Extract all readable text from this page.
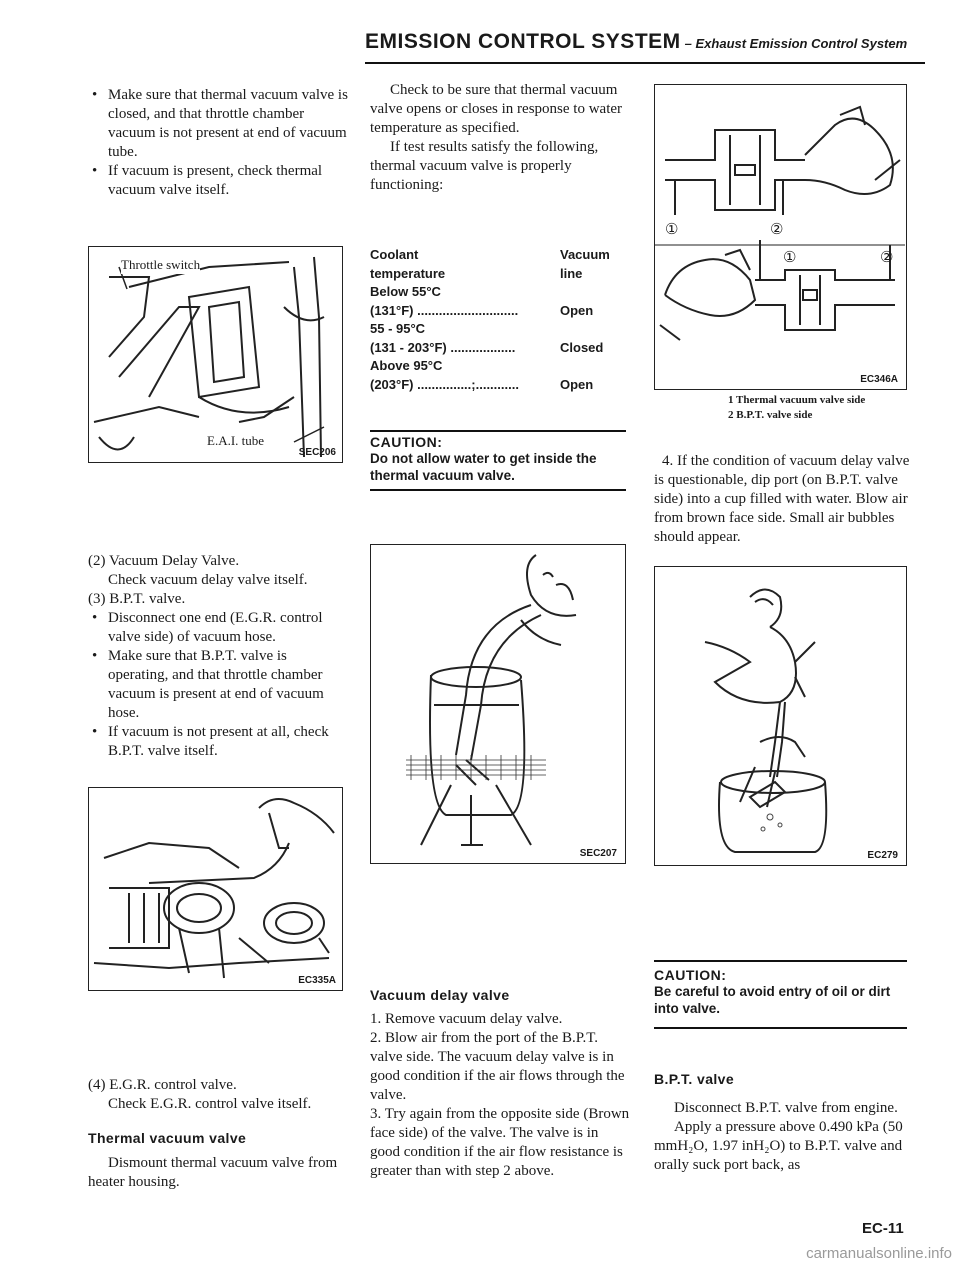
EMISSION CONTROL SYSTEM – Exhaust Emission Control System
• Make sure that thermal vacuum valve is closed, and that throttle chamber vacuum is not present at end of vacuum tube.
• If vacuum is present, check thermal vacuum valve itself.
Throttle switch
E.A.I. tube
SEC206
(2) Vacuum Delay Valve.
Check vacuum delay valve itself.
(3) B.P.T. valve.
• Disconnect one end (E.G.R. control valve side) of vacuum hose.
• Make sure that B.P.T. valve is operating, and that throttle chamber vacuum is present at end of vacuum hose.
• If vacuum is not present at all, check B.P.T. valve itself.
EC335A
(4) E.G.R. control valve.
Check E.G.R. control valve itself.
Thermal vacuum valve
Dismount thermal vacuum valve from heater housing.
Check to be sure that thermal vacuum valve opens or closes in response to water temperature as specified.
If test results satisfy the following, thermal vacuum valve is properly functioning:
Coolant	Vacuum
temperature	line
Below 55°C
(131°F) ............................	Open
55 - 95°C
(131 - 203°F) ..................	Closed
Above 95°C
(203°F) ...............;............	Open
CAUTION:
Do not allow water to get inside the thermal vacuum valve.
SEC207
Vacuum delay valve
1. Remove vacuum delay valve.
2. Blow air from the port of the B.P.T. valve side. The vacuum delay valve is in good condition if the air flows through the valve.
3. Try again from the opposite side (Brown face side) of the valve. The valve is in good condition if the air flow resistance is greater than with step 2 above.
①	②
①	②
EC346A
1 Thermal vacuum valve side
2 B.P.T. valve side
4. If the condition of vacuum delay valve is questionable, dip port (on B.P.T. valve side) into a cup filled with water. Blow air from brown face side. Small air bubbles should appear.
EC279
CAUTION:
Be careful to avoid entry of oil or dirt into valve.
B.P.T. valve
Disconnect B.P.T. valve from engine.
Apply a pressure above 0.490 kPa (50 mmH₂O, 1.97 inH₂O) to B.P.T. valve and orally suck port back, as
EC-11
carmanualsonline.info
